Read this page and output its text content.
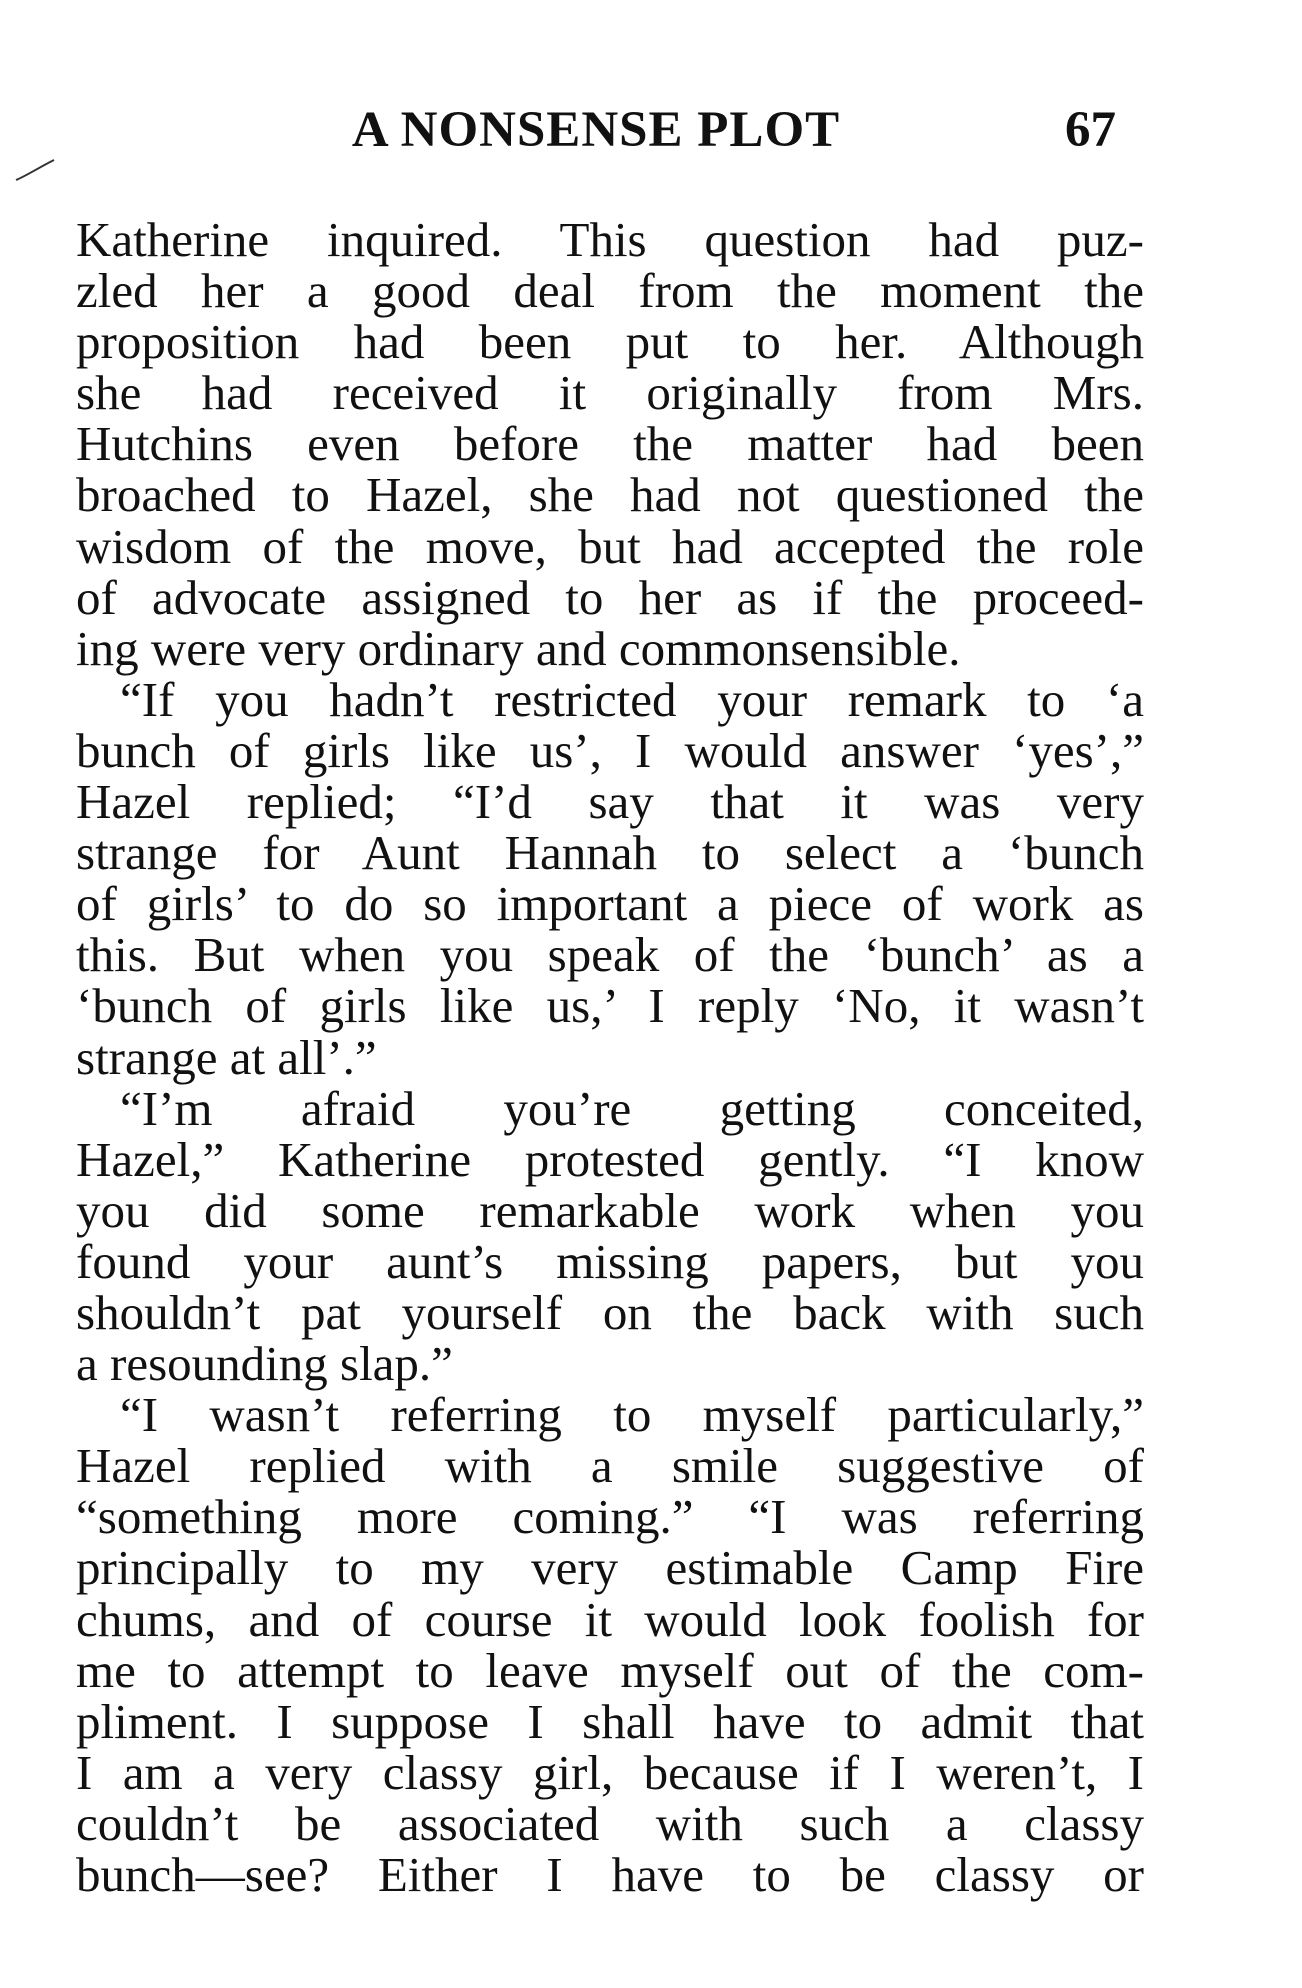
A NONSENSE PLOT	67
Katherine inquired. This question had puz-
zled her a good deal from the moment the
proposition had been put to her. Although
she had received it originally from Mrs.
Hutchins even before the matter had been
broached to Hazel, she had not questioned the
wisdom of the move, but had accepted the role
of advocate assigned to her as if the proceed-
ing were very ordinary and commonsensible.
“If you hadn’t restricted your remark to ‘a
bunch of girls like us’, I would answer ‘yes’,”
Hazel replied; “I’d say that it was very
strange for Aunt Hannah to select a ‘bunch
of girls’ to do so important a piece of work as
this. But when you speak of the ‘bunch’ as a
‘bunch of girls like us,’ I reply ‘No, it wasn’t
strange at all’.”
“I’m afraid you’re getting conceited,
Hazel,” Katherine protested gently. “I know
you did some remarkable work when you
found your aunt’s missing papers, but you
shouldn’t pat yourself on the back with such
a resounding slap.”
“I wasn’t referring to myself particularly,”
Hazel replied with a smile suggestive of
“something more coming.” “I was referring
principally to my very estimable Camp Fire
chums, and of course it would look foolish for
me to attempt to leave myself out of the com-
pliment. I suppose I shall have to admit that
I am a very classy girl, because if I weren’t, I
couldn’t be associated with such a classy
bunch—see? Either I have to be classy or
